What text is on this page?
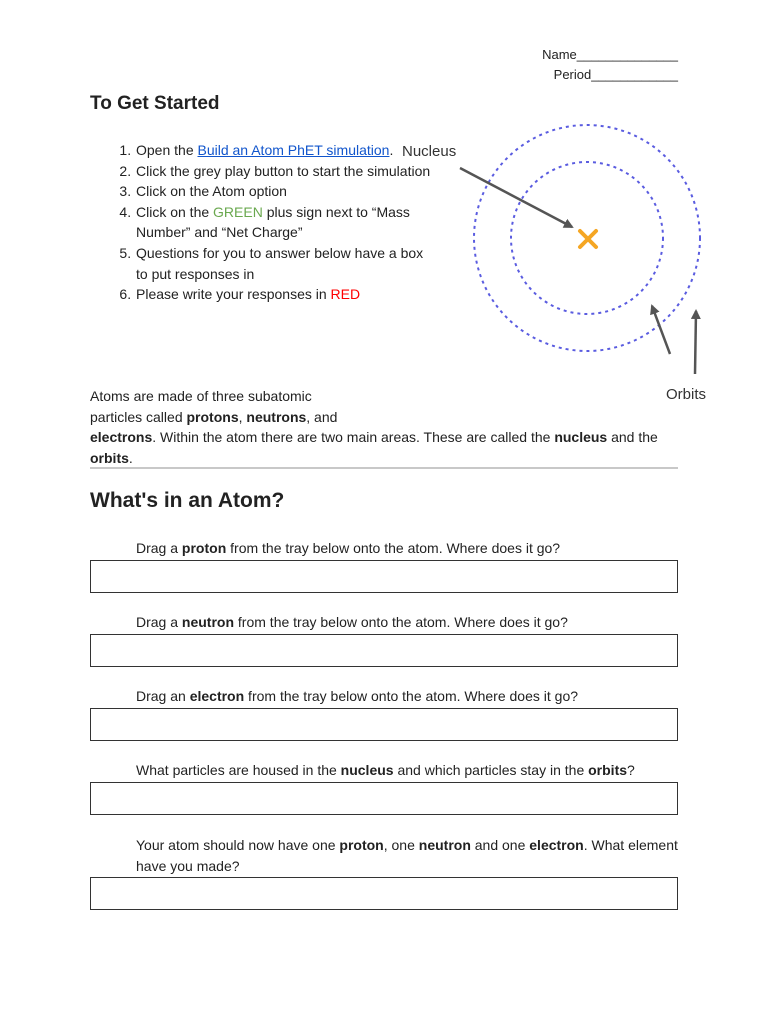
Name______________
Period____________
To Get Started
1. Open the Build an Atom PhET simulation.
2. Click the grey play button to start the simulation
3. Click on the Atom option
4. Click on the GREEN plus sign next to “Mass Number” and “Net Charge”
5. Questions for you to answer below have a box to put responses in
6. Please write your responses in RED
Nucleus
Orbits

Atoms are made of three subatomic particles called protons, neutrons, and
electrons. Within the atom there are two main areas. These are called the nucleus and the orbits.

What's in an Atom?
Drag a proton from the tray below onto the atom. Where does it go?
Drag a neutron from the tray below onto the atom. Where does it go?
Drag an electron from the tray below onto the atom. Where does it go?
What particles are housed in the nucleus and which particles stay in the orbits?
Your atom should now have one proton, one neutron and one electron. What element have you made?
